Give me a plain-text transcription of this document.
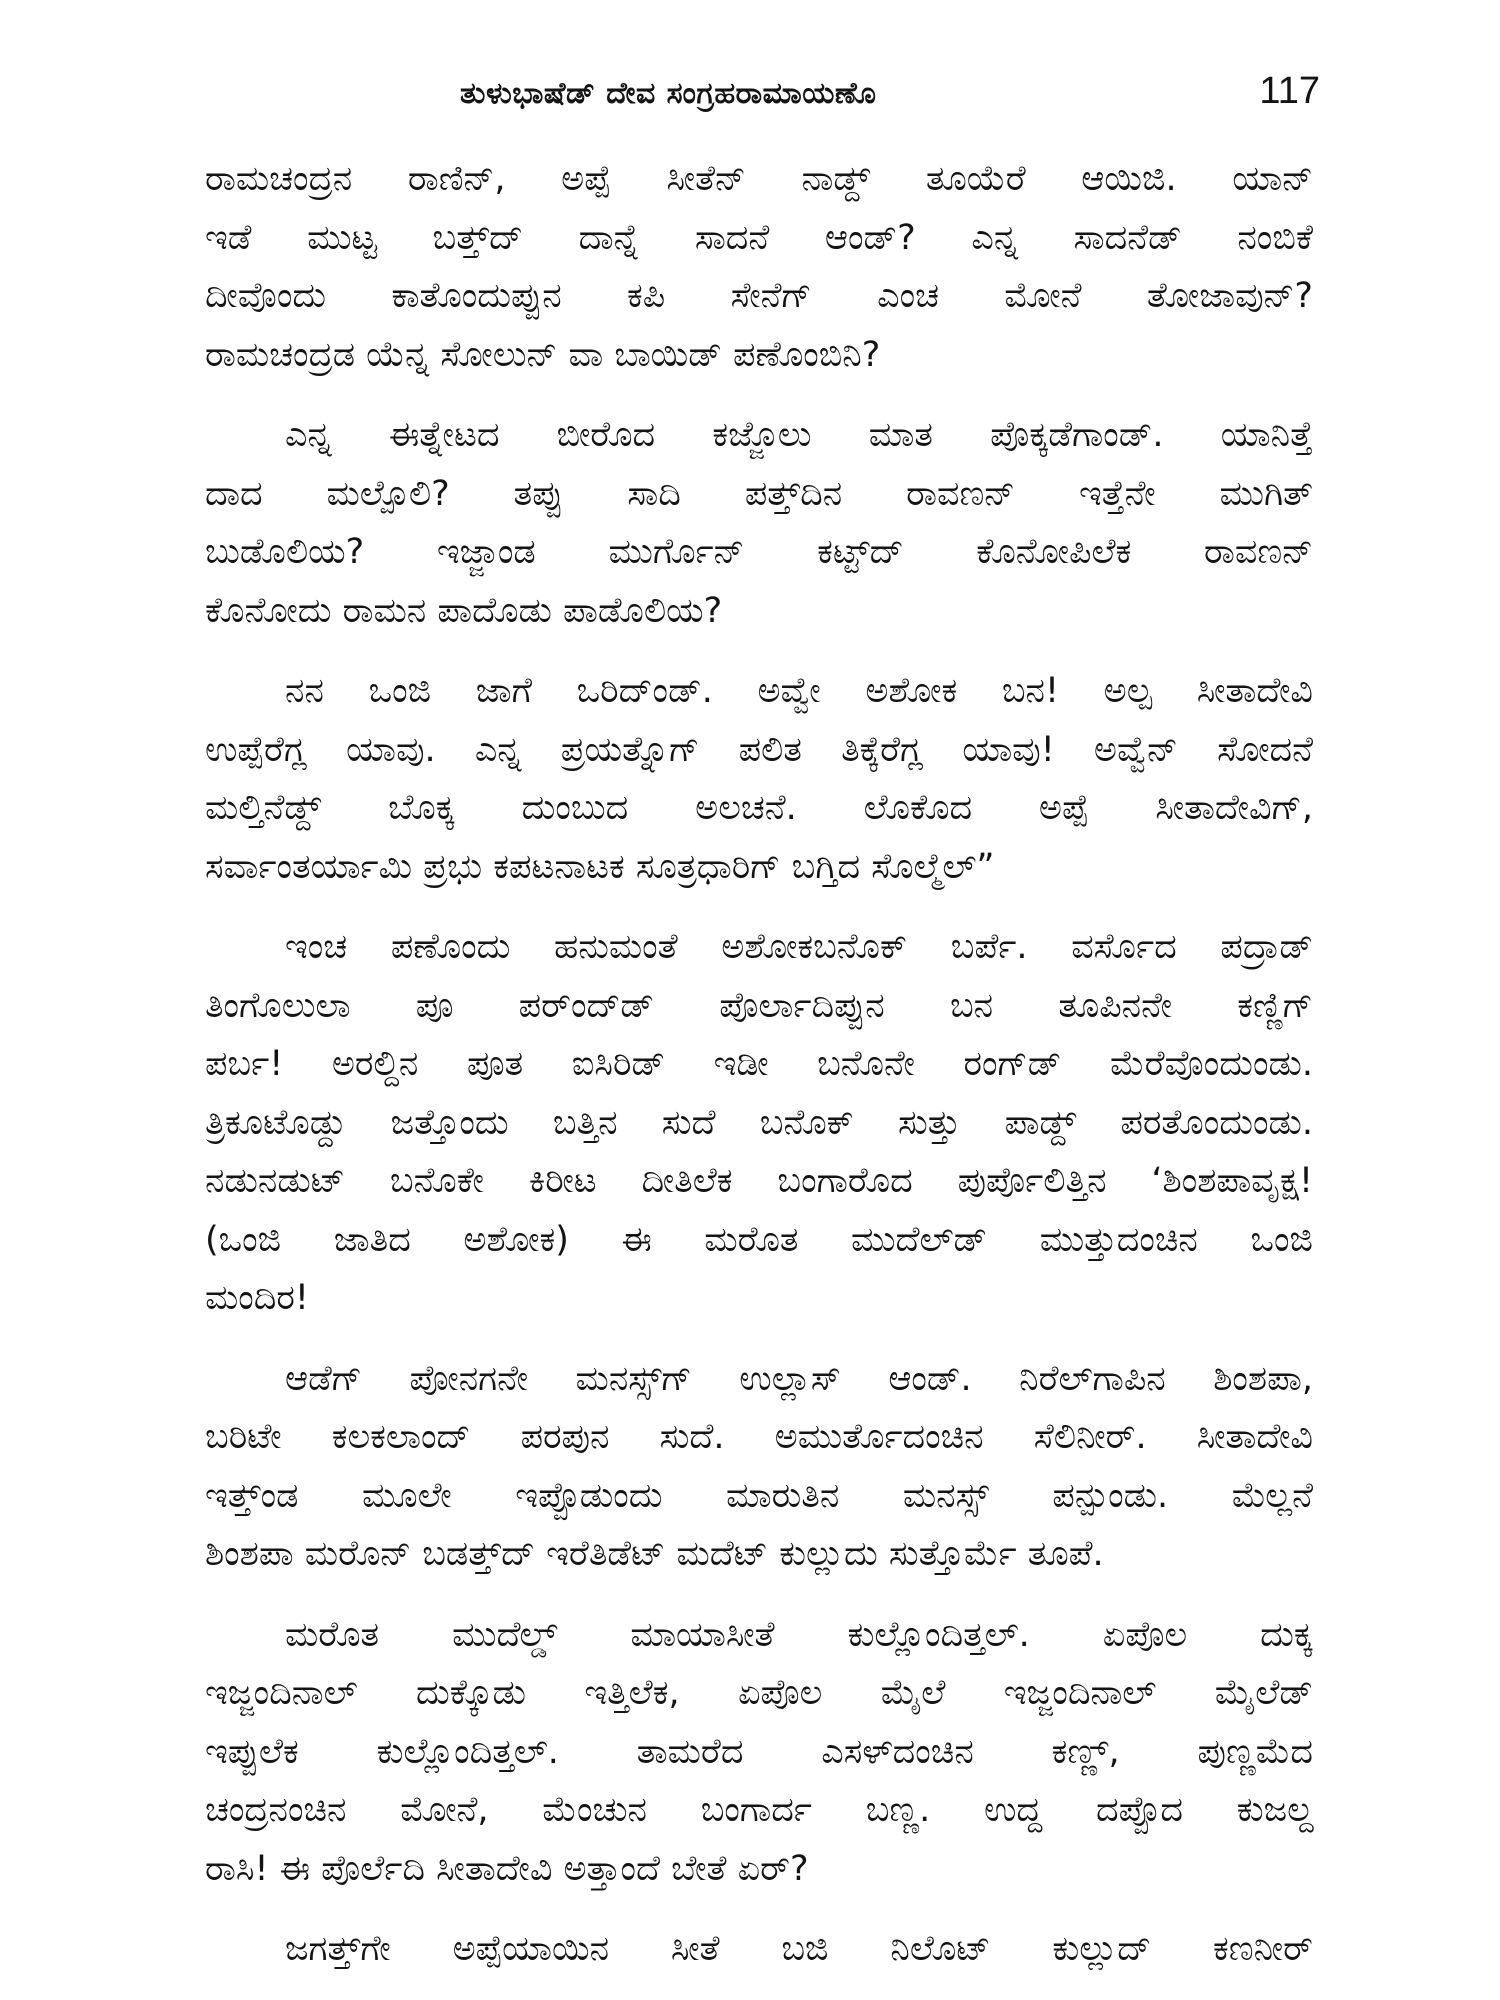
ತುಳುಭಾಷೆಡ್ ದೇವ ಸಂಗ್ರಹರಾಮಾಯಣೊ	117

ರಾಮಚಂದ್ರನ ರಾಣಿನ್, ಅಪ್ಪೆ ಸೀತೆನ್ ನಾಡ್ದ್ ತೂಯೆರೆ ಆಯಿಜಿ. ಯಾನ್
ಇಡೆ ಮುಟ್ಟ ಬತ್ತ್‌ದ್ ದಾನ್ನೆ ಸಾದನೆ ಆಂಡ್? ಎನ್ನ ಸಾದನೆಡ್ ನಂಬಿಕೆ
ದೀವೊಂದು ಕಾತೊಂದುಪ್ಪುನ ಕಪಿ ಸೇನೆಗ್ ಎಂಚ ಮೋನೆ ತೋಜಾವುನ್?
ರಾಮಚಂದ್ರಡ ಯೆನ್ನ ಸೋಲುನ್ ವಾ ಬಾಯಿಡ್ ಪಣೊಂಬಿನಿ?

ಎನ್ನ ಈತ್ನೇಟದ ಬೀರೊದ ಕಜ್ಜೊಲು ಮಾತ ಪೊಕ್ಕಡೆಗಾಂಡ್. ಯಾನಿತ್ತೆ
ದಾದ ಮಲ್ಪೊಲಿ? ತಪ್ಪು ಸಾದಿ ಪತ್ತ್‌ದಿನ ರಾವಣನ್ ಇತ್ತೆನೇ ಮುಗಿತ್
ಬುಡೊಲಿಯ? ಇಜ್ಜಾಂಡ ಮುರ್ಗೊನ್ ಕಟ್ಟ್‌ದ್ ಕೊನೋಪಿಲೆಕ ರಾವಣನ್
ಕೊನೋದು ರಾಮನ ಪಾದೊಡು ಪಾಡೊಲಿಯ?

ನನ ಒಂಜಿ ಜಾಗೆ ಒರಿದ್‌ಂಡ್. ಅವ್ವೇ ಅಶೋಕ ಬನ! ಅಲ್ಪ ಸೀತಾದೇವಿ
ಉಪ್ಪೆರೆಗ್ಲ ಯಾವು. ಎನ್ನ ಪ್ರಯತ್ನೊಗ್ ಪಲಿತ ತಿಕ್ಕೆರೆಗ್ಲ ಯಾವು! ಅವ್ವೆನ್ ಸೋದನೆ
ಮಲ್ತಿನೆಡ್ದ್ ಬೊಕ್ಕ ದುಂಬುದ ಅಲಚನೆ. ಲೊಕೊದ ಅಪ್ಪೆ ಸೀತಾದೇವಿಗ್,
ಸರ್ವಾಂತರ್ಯಾಮಿ ಪ್ರಭು ಕಪಟನಾಟಕ ಸೂತ್ರಧಾರಿಗ್ ಬಗ್ತಿದ ಸೊಲ್ಮೆಲ್”

ಇಂಚ ಪಣೊಂದು ಹನುಮಂತೆ ಅಶೋಕಬನೊಕ್ ಬರ್ಪೆ. ವರ್ಸೊದ ಪದ್ರಾಡ್
ತಿಂಗೊಲುಲಾ ಪೂ ಪರ್‌ಂದ್‌ಡ್ ಪೊರ್ಲಾದಿಪ್ಪುನ ಬನ ತೂಪಿನನೇ ಕಣ್ಣಿಗ್
ಪರ್ಬ! ಅರಲ್ದಿನ ಪೂತ ಐಸಿರಿಡ್ ಇಡೀ ಬನೊನೇ ರಂಗ್‌ಡ್ ಮೆರೆವೊಂದುಂಡು.
ತ್ರಿಕೂಟೊಡ್ದು ಜತ್ತೊಂದು ಬತ್ತಿನ ಸುದೆ ಬನೊಕ್ ಸುತ್ತು ಪಾಡ್ದ್ ಪರತೊಂದುಂಡು.
ನಡುನಡುಟ್ ಬನೊಕೇ ಕಿರೀಟ ದೀತಿಲೆಕ ಬಂಗಾರೊದ ಪುರ್ಪೊಲಿತ್ತಿನ ‘ಶಿಂಶಪಾವೃಕ್ಷ!
(ಒಂಜಿ ಜಾತಿದ ಅಶೋಕ) ಈ ಮರೊತ ಮುದೆಲ್‌ಡ್ ಮುತ್ತುದಂಚಿನ ಒಂಜಿ
ಮಂದಿರ!

ಆಡೆಗ್ ಪೋನಗನೇ ಮನಸ್ಸ್‌ಗ್ ಉಲ್ಲಾಸ್ ಆಂಡ್. ನಿರೆಲ್‌ಗಾಪಿನ ಶಿಂಶಪಾ,
ಬರಿಟೇ ಕಲಕಲಾಂದ್ ಪರಪುನ ಸುದೆ. ಅಮುರ್ತೊದಂಚಿನ ಸೆಲಿನೀರ್. ಸೀತಾದೇವಿ
ಇತ್ತ್‌ಂಡ ಮೂಲೇ ಇಪ್ಪೊಡುಂದು ಮಾರುತಿನ ಮನಸ್ಸ್ ಪನ್ಪುಂಡು. ಮೆಲ್ಲನೆ
ಶಿಂಶಪಾ ಮರೊನ್ ಬಡತ್ತ್‌ದ್ ಇರೆತಿಡೆಟ್ ಮದೆಟ್ ಕುಲ್ಲುದು ಸುತ್ತೊರ್ಮೆ ತೂಪೆ.

ಮರೊತ ಮುದೆಲ್ಡ್ ಮಾಯಾಸೀತೆ ಕುಲ್ಲೊಂದಿತ್ತಲ್. ಏಪೊಲ ದುಕ್ಕ
ಇಜ್ಜಂದಿನಾಲ್ ದುಕ್ಕೊಡು ಇತ್ತಿಲೆಕ, ಏಪೊಲ ಮೈಲೆ ಇಜ್ಜಂದಿನಾಲ್ ಮೈಲೆಡ್
ಇಪ್ಪುಲೆಕ ಕುಲ್ಲೊಂದಿತ್ತಲ್. ತಾಮರೆದ ಎಸಳ್‌ದಂಚಿನ ಕಣ್ಣ್, ಪುಣ್ಣಮೆದ
ಚಂದ್ರನಂಚಿನ ಮೋನೆ, ಮೆಂಚುನ ಬಂಗಾರ್ದ ಬಣ್ಣ. ಉದ್ದ ದಪ್ಪೊದ ಕುಜಲ್ದ
ರಾಸಿ! ಈ ಪೊರ್ಲೆದಿ ಸೀತಾದೇವಿ ಅತ್ತಾಂದೆ ಬೇತೆ ಏರ್?

ಜಗತ್ತ್‌ಗೇ ಅಪ್ಪೆಯಾಯಿನ ಸೀತೆ ಬಜಿ ನಿಲೊಟ್ ಕುಲ್ಲುದ್ ಕಣನೀರ್
